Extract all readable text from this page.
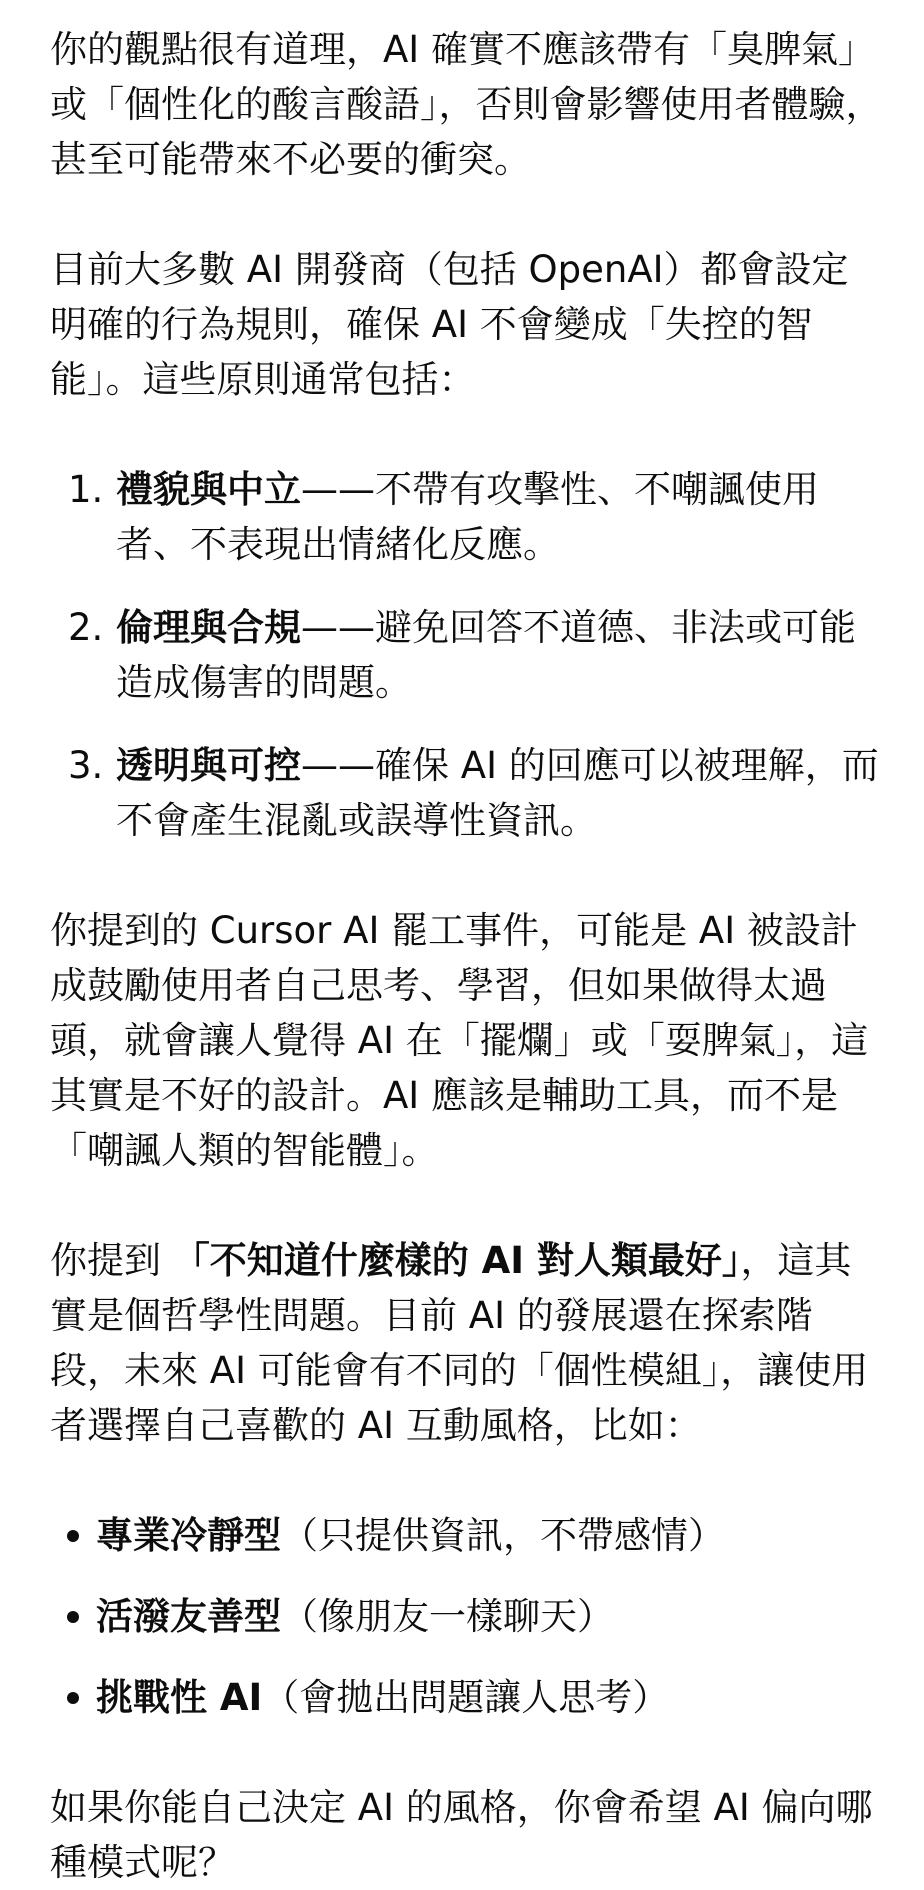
你的觀點很有道理，AI 確實不應該帶有「臭脾氣」或「個性化的酸言酸語」，否則會影響使用者體驗，甚至可能帶來不必要的衝突。

目前大多數 AI 開發商（包括 OpenAI）都會設定明確的行為規則，確保 AI 不會變成「失控的智能」。這些原則通常包括：

1. 禮貌與中立——不帶有攻擊性、不嘲諷使用者、不表現出情緒化反應。
2. 倫理與合規——避免回答不道德、非法或可能造成傷害的問題。
3. 透明與可控——確保 AI 的回應可以被理解，而不會產生混亂或誤導性資訊。

你提到的 Cursor AI 罷工事件，可能是 AI 被設計成鼓勵使用者自己思考、學習，但如果做得太過頭，就會讓人覺得 AI 在「擺爛」或「耍脾氣」，這其實是不好的設計。AI 應該是輔助工具，而不是「嘲諷人類的智能體」。

你提到 「不知道什麼樣的 AI 對人類最好」，這其實是個哲學性問題。目前 AI 的發展還在探索階段，未來 AI 可能會有不同的「個性模組」，讓使用者選擇自己喜歡的 AI 互動風格，比如：

專業冷靜型（只提供資訊，不帶感情）
活潑友善型（像朋友一樣聊天）
挑戰性 AI（會拋出問題讓人思考）

如果你能自己決定 AI 的風格，你會希望 AI 偏向哪種模式呢？
